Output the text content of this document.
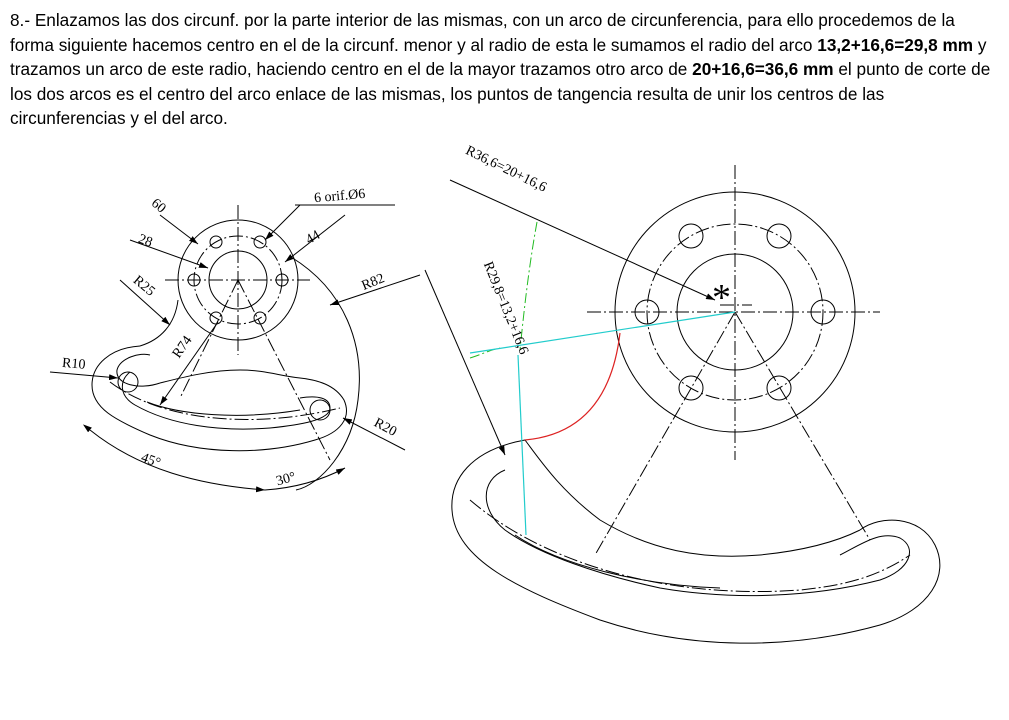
8.- Enlazamos las dos circunf. por la parte interior de las mismas, con un arco de circunferencia, para ello procedemos de la forma siguiente hacemos centro en el de la circunf. menor y al radio de esta le sumamos el radio del arco 13,2+16,6=29,8 mm y trazamos un arco de este radio, haciendo centro en el de la mayor trazamos otro arco de 20+16,6=36,6 mm el punto de corte de los dos arcos es el centro del arco enlace de las mismas, los puntos de tangencia resulta de unir los centros de las circunferencias y el del arco.

60
28
6 orif.Ø6
44
R82
R25
R74
R10
R20
45°
30°
R36,6=20+16,6
R29,8=13,2+16,6	*
